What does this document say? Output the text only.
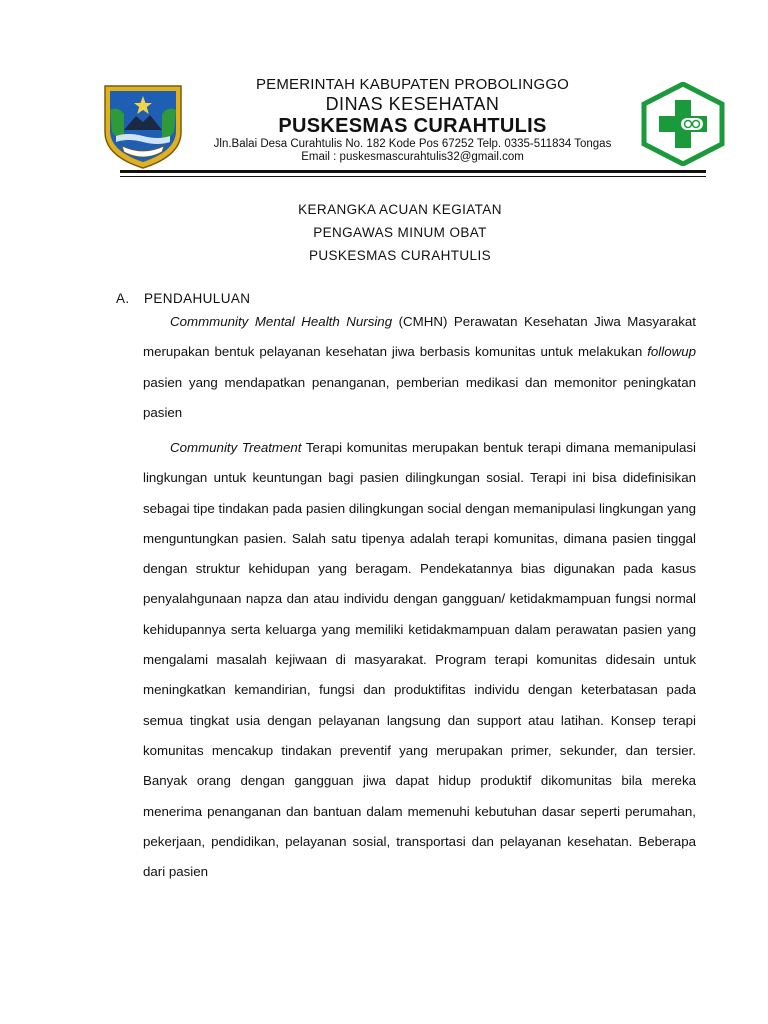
PEMERINTAH KABUPATEN PROBOLINGGO
DINAS KESEHATAN
PUSKESMAS CURAHTULIS
Jln.Balai Desa Curahtulis No. 182 Kode Pos 67252 Telp. 0335-511834 Tongas
Email : puskesmascurahtulis32@gmail.com
KERANGKA ACUAN KEGIATAN
PENGAWAS MINUM OBAT
PUSKESMAS CURAHTULIS
A.	PENDAHULUAN
Commmunity Mental Health Nursing (CMHN) Perawatan Kesehatan Jiwa Masyarakat merupakan bentuk pelayanan kesehatan jiwa berbasis komunitas untuk melakukan followup pasien yang mendapatkan penanganan, pemberian medikasi dan memonitor peningkatan pasien
Community Treatment Terapi komunitas merupakan bentuk terapi dimana memanipulasi lingkungan untuk keuntungan bagi pasien dilingkungan sosial. Terapi ini bisa didefinisikan sebagai tipe tindakan pada pasien dilingkungan social dengan memanipulasi lingkungan yang menguntungkan pasien. Salah satu tipenya adalah terapi komunitas, dimana pasien tinggal dengan struktur kehidupan yang beragam. Pendekatannya bias digunakan pada kasus penyalahgunaan napza dan atau individu dengan gangguan/ ketidakmampuan fungsi normal kehidupannya serta keluarga yang memiliki ketidakmampuan dalam perawatan pasien yang mengalami masalah kejiwaan di masyarakat. Program terapi komunitas didesain untuk meningkatkan kemandirian, fungsi dan produktifitas individu dengan keterbatasan pada semua tingkat usia dengan pelayanan langsung dan support atau latihan. Konsep terapi komunitas mencakup tindakan preventif yang merupakan primer, sekunder, dan tersier. Banyak orang dengan gangguan jiwa dapat hidup produktif dikomunitas bila mereka menerima penanganan dan bantuan dalam memenuhi kebutuhan dasar seperti perumahan, pekerjaan, pendidikan, pelayanan sosial, transportasi dan pelayanan kesehatan. Beberapa dari pasien
